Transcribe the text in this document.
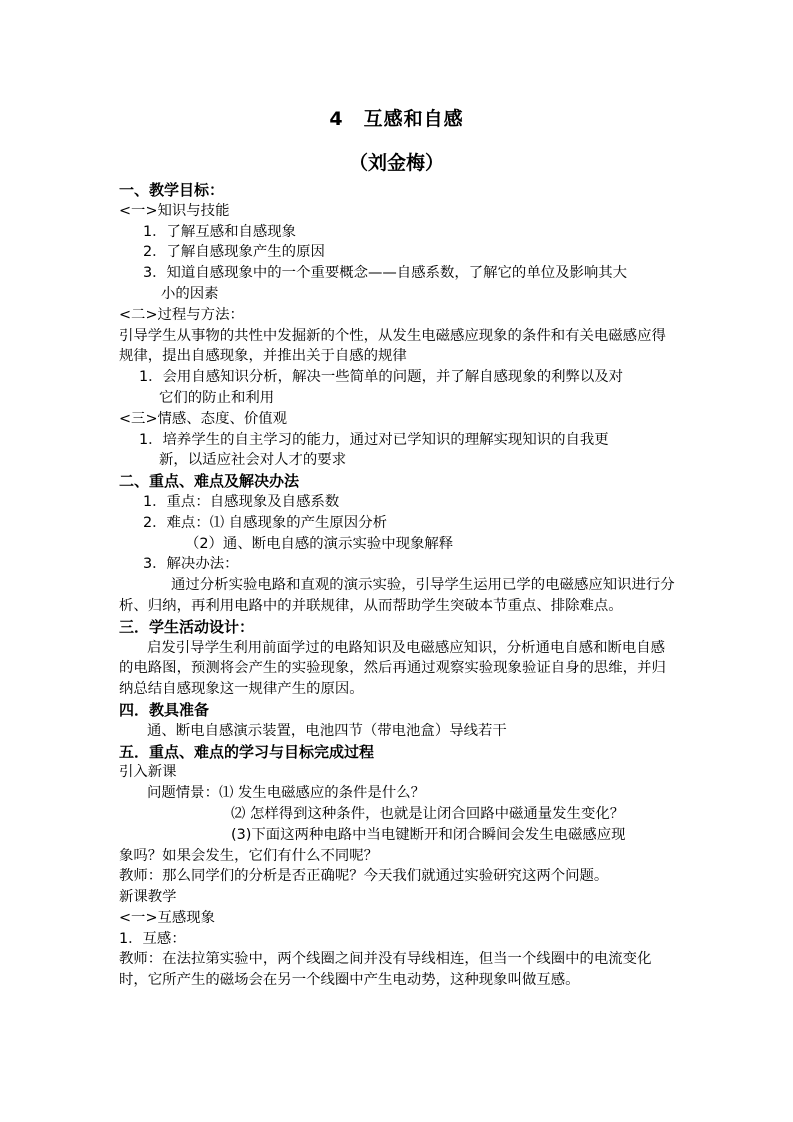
4　互感和自感
（刘金梅）

一、教学目标：

<一>知识与技能

1．了解互感和自感现象

2．了解自感现象产生的原因

3．知道自感现象中的一个重要概念——自感系数，了解它的单位及影响其大

小的因素

<二>过程与方法：

引导学生从事物的共性中发掘新的个性，从发生电磁感应现象的条件和有关电磁感应得规律，提出自感现象，并推出关于自感的规律

1．会用自感知识分析，解决一些简单的问题，并了解自感现象的利弊以及对

它们的防止和利用

<三>情感、态度、价值观

1．培养学生的自主学习的能力，通过对已学知识的理解实现知识的自我更

新，以适应社会对人才的要求

二、重点、难点及解决办法

1．重点：自感现象及自感系数

2．难点：⑴ 自感现象的产生原因分析

（2）通、断电自感的演示实验中现象解释

3．解决办法：

通过分析实验电路和直观的演示实验，引导学生运用已学的电磁感应知识进行分析、归纳，再利用电路中的并联规律，从而帮助学生突破本节重点、排除难点。

三．学生活动设计：

启发引导学生利用前面学过的电路知识及电磁感应知识，分析通电自感和断电自感的电路图，预测将会产生的实验现象，然后再通过观察实验现象验证自身的思维，并归纳总结自感现象这一规律产生的原因。

四．教具准备

通、断电自感演示装置，电池四节（带电池盒）导线若干

五．重点、难点的学习与目标完成过程

引入新课

问题情景：⑴ 发生电磁感应的条件是什么？

⑵ 怎样得到这种条件，也就是让闭合回路中磁通量发生变化？

(3)下面这两种电路中当电键断开和闭合瞬间会发生电磁感应现

象吗？如果会发生，它们有什么不同呢？

教师：那么同学们的分析是否正确呢？今天我们就通过实验研究这两个问题。

新课教学

<一>互感现象

1．互感：

教师：在法拉第实验中，两个线圈之间并没有导线相连，但当一个线圈中的电流变化时，它所产生的磁场会在另一个线圈中产生电动势，这种现象叫做互感。
